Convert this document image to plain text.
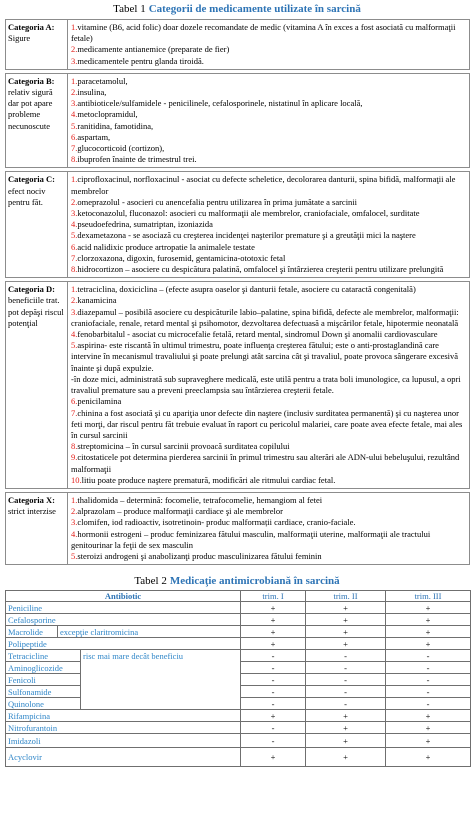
Tabel 1 Categorii de medicamente utilizate în sarcină
Categoria A:
Sigure
1.vitamine (B6, acid folic) doar dozele recomandate de medic (vitamina A în exces a fost asociată cu malformaţii fetale)
2.medicamente antianemice (preparate de fier)
3.medicamentele pentru glanda tiroidă.
Categoria B:
relativ sigură dar pot apare probleme necunoscute
1.paracetamolul,
2.insulina,
3.antibioticele/sulfamidele - penicilinele, cefalosporinele, nistatinul în aplicare locală,
4.metoclopramidul,
5.ranitidina, famotidina,
6.aspartam,
7.glucocorticoid (cortizon),
8.ibuprofen înainte de trimestrul trei.
Categoria C:
efect nociv pentru făt.
1.ciprofloxacinul, norfloxacinul - asociat cu defecte scheletice, decolorarea danturii, spina bifidă, malformaţii ale membrelor
2.omeprazolul - asocieri cu anencefalia pentru utilizarea în prima jumătate a sarcinii
3.ketoconazolul, fluconazol: asocieri cu malformaţii ale membrelor, craniofaciale, omfalocel, surditate
4.pseudoefedrina, sumatriptan, izoniazida
5.dexametazona - se asociază cu creşterea incidenţei naşterilor premature şi a greutăţii mici la naştere
6.acid nalidixic produce artropatie la animalele testate
7.clorzoxazona, digoxin, furosemid, gentamicina-ototoxic fetal
8.hidrocortizon – asociere cu despicătura palatină, omfalocel şi întârzierea creşterii pentru utilizare prelungită
Categoria D:
beneficiile trat. pot depăşi riscul potenţial
1.tetraciclina, doxiciclina – (efecte asupra oaselor şi danturii fetale, asociere cu cataractă congenitală)
2.kanamicina
3.diazepamul – posibilă asociere cu despicăturile labio–palatine, spina bifidă, defecte ale membrelor, malformaţii: craniofaciale, renale, retard mental şi psihomotor, dezvoltarea defectuasă a mişcărilor fetale, hipotermie neonatală
4.fenobarbitalul - asociat cu microcefalie fetală, retard mental, sindromul Down şi anomalii cardiovasculare
5.aspirina- este riscantă în ultimul trimestru, poate influenţa creşterea fătului; este o anti-prostaglandină care intervine în mecanismul travaliului şi poate prelungi atât sarcina cât şi travaliul, poate provoca sângerare excesivă înainte şi după expulzie.
-în doze mici, administrată sub supraveghere medicală, este utilă pentru a trata boli imunologice, ca lupusul, a opri travaliul premature sau a preveni preeclampsia sau întârzierea creşterii fetale.
6.penicilamina
7.chinina a fost asociată şi cu apariţia unor defecte din naştere (inclusiv surditatea permanentă) şi cu naşterea unor feti morţi, dar riscul pentru făt trebuie evaluat în raport cu pericolul malariei, care poate avea efecte fetale, mai ales în cursul sarcinii
8.streptomicina – în cursul sarcinii provoacă surditatea copilului
9.citostaticele pot determina pierderea sarcinii în primul trimestru sau alterări ale ADN-ului bebeluşului, rezultând malformaţii
10.litiu poate produce naştere prematură, modificări ale ritmului cardiac fetal.
Categoria X:
strict interzise
1.thalidomida – determină: focomelie, tetrafocomelie, hemangiom al fetei
2.alprazolam – produce malformaţii cardiace şi ale membrelor
3.clomifen, iod radioactiv, isotretinoin- produc malformații cardiace, cranio-faciale.
4.hormonii estrogeni – produc feminizarea fătului masculin, malformaţii uterine, malformaţii ale tractului genitourinar la feţii de sex masculin
5.steroizi androgeni şi anabolizanţi produc masculinizarea fătului feminin
Tabel 2 Medicaţie antimicrobiană în sarcină
Antibiotic			trim. I	trim. II	trim. III
Peniciline			+	+	+
Cefalosporine			+	+	+
Macrolide	excepţie claritromicina		+	+	+
Polipeptide			+	+	+
Tetracicline		risc mai mare decât beneficiu	-	-	-
Aminoglicozide			-	-	-
Fenicoli			-	-	-
Sulfonamide			-	-	-
Quinolone			-	-	-
Rifampicina			+	+	+
Nitrofurantoin			-	+	+
Imidazoli			-	+	+
Acyclovir			+	+	+
